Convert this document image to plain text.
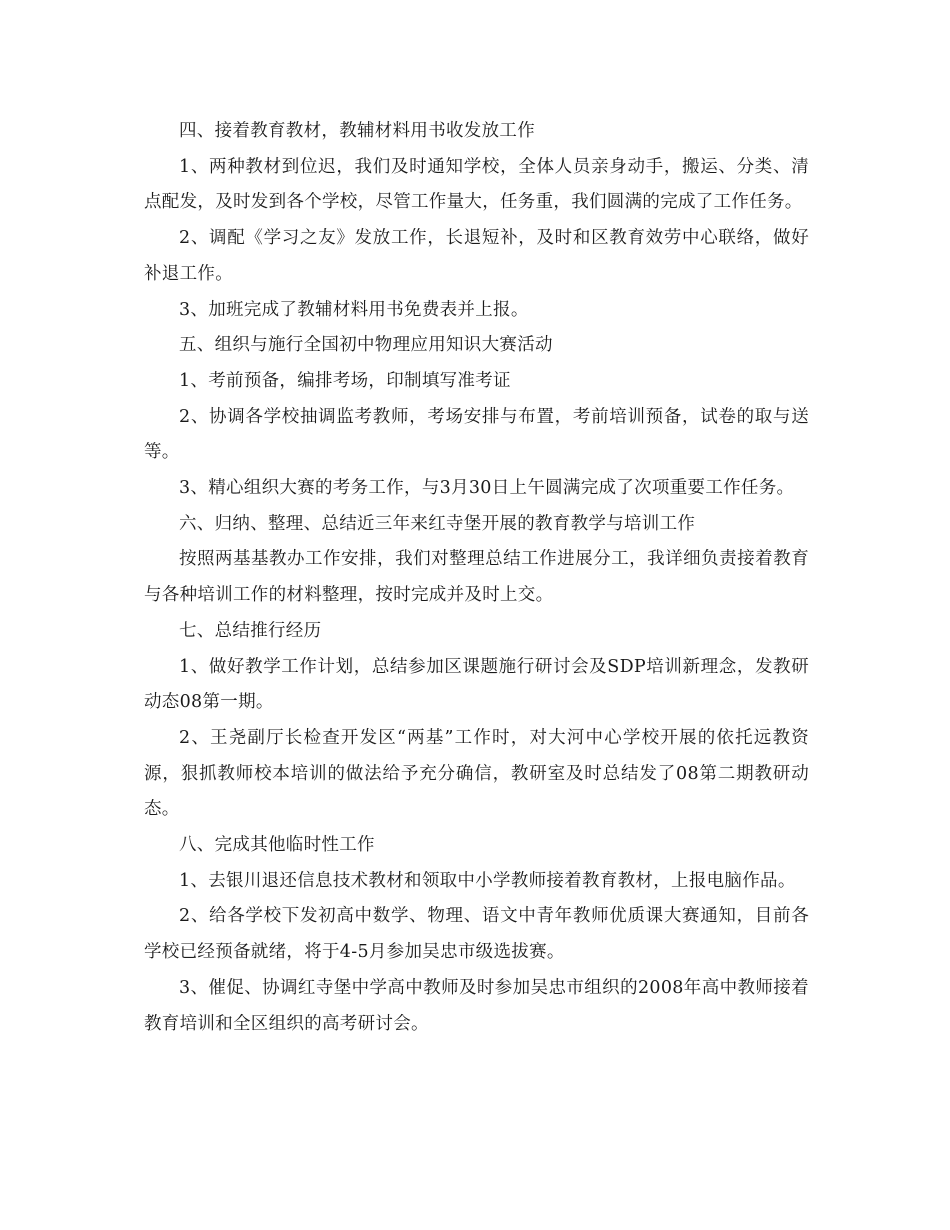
四、接着教育教材，教辅材料用书收发放工作

1、两种教材到位迟，我们及时通知学校，全体人员亲身动手，搬运、分类、清点配发，及时发到各个学校，尽管工作量大，任务重，我们圆满的完成了工作任务。

2、调配《学习之友》发放工作，长退短补，及时和区教育效劳中心联络，做好补退工作。

3、加班完成了教辅材料用书免费表并上报。

五、组织与施行全国初中物理应用知识大赛活动

1、考前预备，编排考场，印制填写准考证

2、协调各学校抽调监考教师，考场安排与布置，考前培训预备，试卷的取与送等。

3、精心组织大赛的考务工作，与3月30日上午圆满完成了次项重要工作任务。

六、归纳、整理、总结近三年来红寺堡开展的教育教学与培训工作

按照两基基教办工作安排，我们对整理总结工作进展分工，我详细负责接着教育与各种培训工作的材料整理，按时完成并及时上交。

七、总结推行经历

1、做好教学工作计划，总结参加区课题施行研讨会及SDP培训新理念，发教研动态08第一期。

2、王尧副厅长检查开发区“两基”工作时，对大河中心学校开展的依托远教资源，狠抓教师校本培训的做法给予充分确信，教研室及时总结发了08第二期教研动态。

八、完成其他临时性工作

1、去银川退还信息技术教材和领取中小学教师接着教育教材，上报电脑作品。

2、给各学校下发初高中数学、物理、语文中青年教师优质课大赛通知，目前各学校已经预备就绪，将于4-5月参加吴忠市级选拔赛。

3、催促、协调红寺堡中学高中教师及时参加吴忠市组织的2008年高中教师接着教育培训和全区组织的高考研讨会。
